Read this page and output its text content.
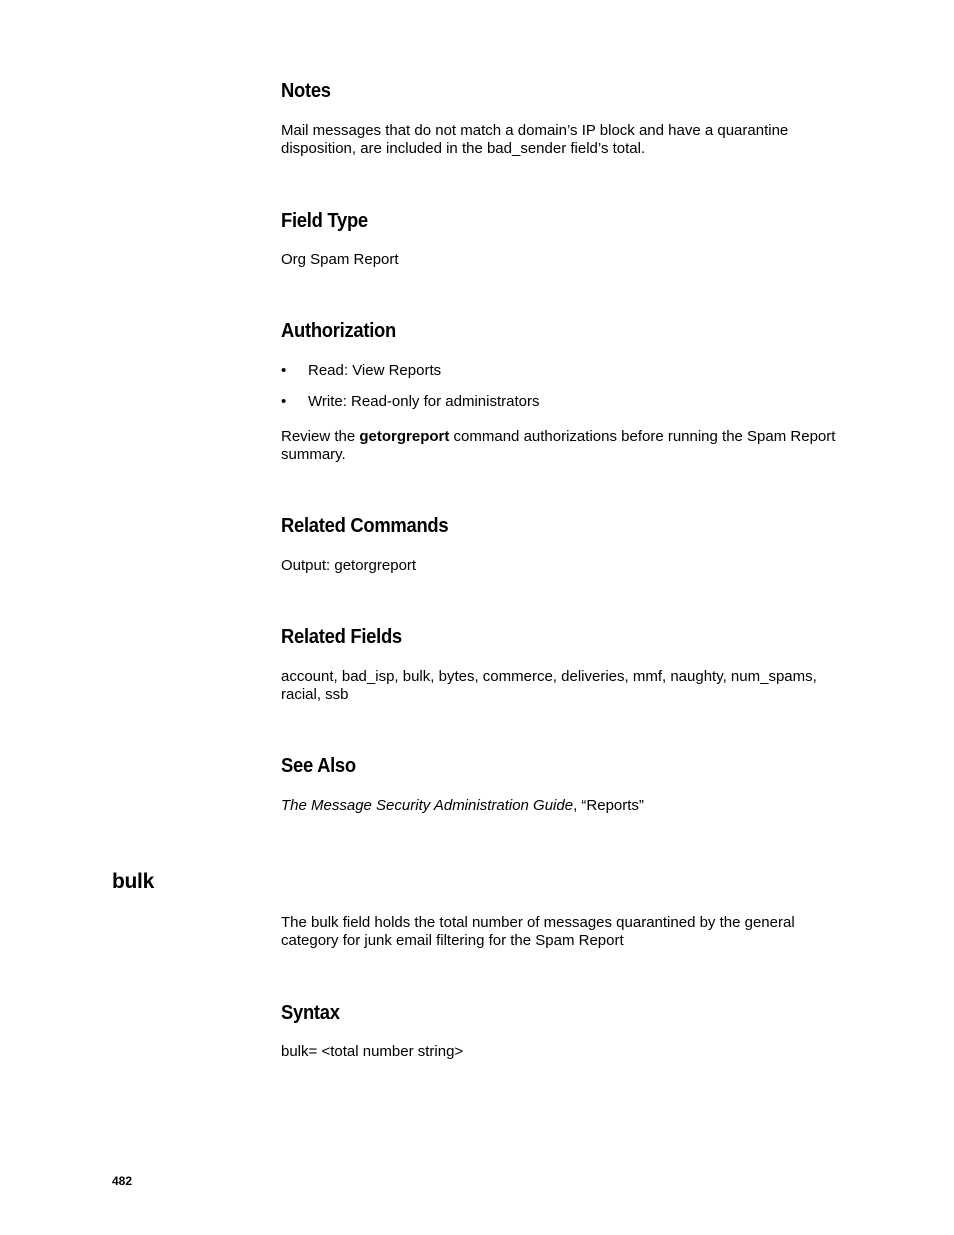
Notes

Mail messages that do not match a domain’s IP block and have a quarantine disposition, are included in the bad_sender field’s total.

Field Type

Org Spam Report

Authorization
• Read: View Reports
• Write: Read-only for administrators

Review the getorgreport command authorizations before running the Spam Report summary.

Related Commands

Output: getorgreport

Related Fields

account, bad_isp, bulk, bytes, commerce, deliveries, mmf, naughty, num_spams, racial, ssb

See Also

The Message Security Administration Guide, “Reports”

bulk

The bulk field holds the total number of messages quarantined by the general category for junk email filtering for the Spam Report

Syntax

bulk= <total number string>

482
